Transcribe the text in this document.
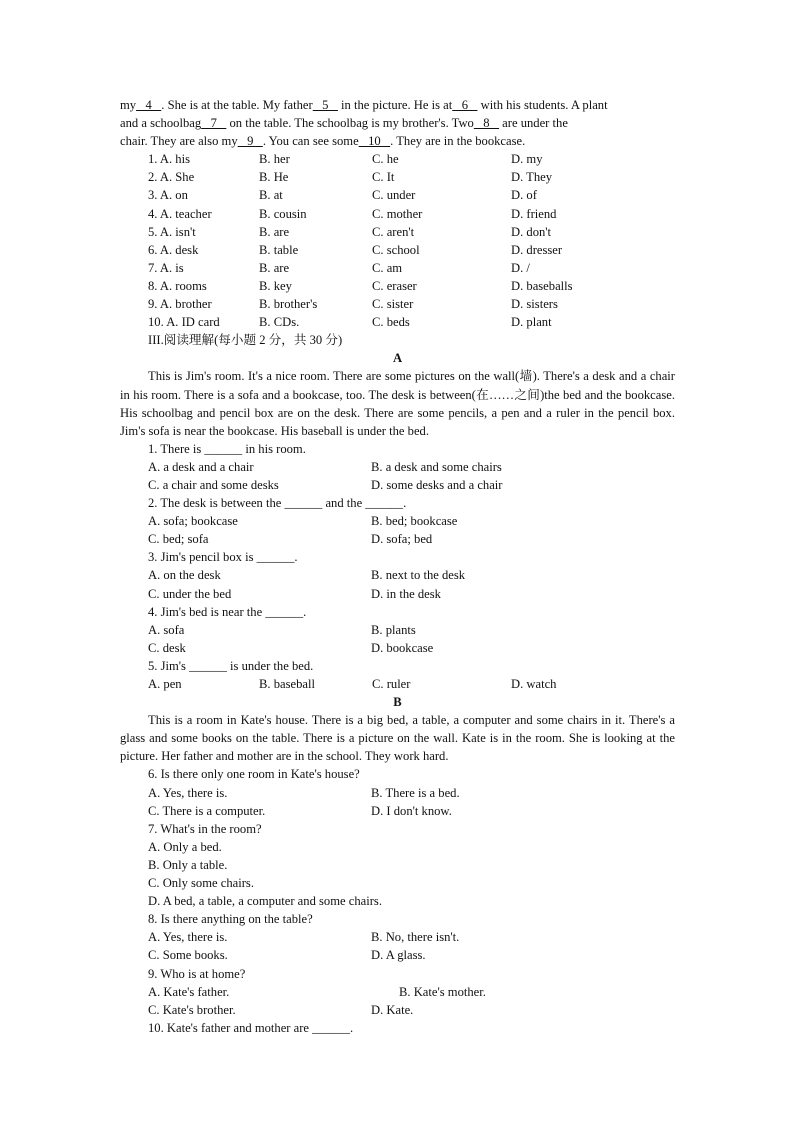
my   4   . She is at the table. My father   5    in the picture. He is at   6    with his students. A plant
and a schoolbag   7    on the table. The schoolbag is my brother's. Two   8    are under the
chair. They are also my   9   . You can see some   10   . They are in the bookcase.
1. A. his	B. her	C. he	D. my
2. A. She	B. He	C. It	D. They
3. A. on	B. at	C. under	D. of
4. A. teacher	B. cousin	C. mother	D. friend
5. A. isn't	B. are	C. aren't	D. don't
6. A. desk	B. table	C. school	D. dresser
7. A. is	B. are	C. am	D. /
8. A. rooms	B. key	C. eraser	D. baseballs
9. A. brother	B. brother's	C. sister	D. sisters
10. A. ID card	B. CDs.	C. beds	D. plant
III.阅读理解(每小题 2 分，共 30 分)
A
This is Jim's room. It's a nice room. There are some pictures on the wall(墙). There's a desk and a chair in his room. There is a sofa and a bookcase, too. The desk is between(在……之间)the bed and the bookcase. His schoolbag and pencil box are on the desk. There are some pencils, a pen and a ruler in the pencil box. Jim's sofa is near the bookcase. His baseball is under the bed.
1. There is ______ in his room.
A. a desk and a chair	B. a desk and some chairs
C. a chair and some desks	D. some desks and a chair
2. The desk is between the ______ and the ______.
A. sofa; bookcase	B. bed; bookcase
C. bed; sofa	D. sofa; bed
3. Jim's pencil box is ______.
A. on the desk	B. next to the desk
C. under the bed	D. in the desk
4. Jim's bed is near the ______.
A. sofa	B. plants
C. desk	D. bookcase
5. Jim's ______ is under the bed.
A. pen	B. baseball	C. ruler	D. watch
B
This is a room in Kate's house. There is a big bed, a table, a computer and some chairs in it. There's a glass and some books on the table. There is a picture on the wall. Kate is in the room. She is looking at the picture. Her father and mother are in the school. They work hard.
6. Is there only one room in Kate's house?
A. Yes, there is.	B. There is a bed.
C. There is a computer.	D. I don't know.
7. What's in the room?
A. Only a bed.
B. Only a table.
C. Only some chairs.
D. A bed, a table, a computer and some chairs.
8. Is there anything on the table?
A. Yes, there is.	B. No, there isn't.
C. Some books.	D. A glass.
9. Who is at home?
A. Kate's father.	B. Kate's mother.
C. Kate's brother.	D. Kate.
10. Kate's father and mother are ______.
